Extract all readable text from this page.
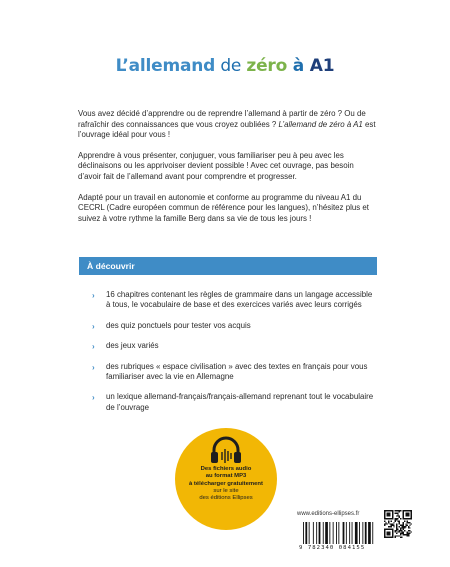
L’allemand de zéro à A1

Vous avez décidé d’apprendre ou de reprendre l’allemand à partir de zéro ? Ou de rafraîchir des connaissances que vous croyez oubliées ? L’allemand de zéro à A1 est l’ouvrage idéal pour vous !

Apprendre à vous présenter, conjuguer, vous familiariser peu à peu avec les déclinaisons ou les apprivoiser devient possible ! Avec cet ouvrage, pas besoin d’avoir fait de l’allemand avant pour comprendre et progresser.

Adapté pour un travail en autonomie et conforme au programme du niveau A1 du CECRL (Cadre européen commun de référence pour les langues), n’hésitez plus et suivez à votre rythme la famille Berg dans sa vie de tous les jours !

À découvrir
› 16 chapitres contenant les règles de grammaire dans un langage accessible à tous, le vocabulaire de base et des exercices variés avec leurs corrigés
› des quiz ponctuels pour tester vos acquis
› des jeux variés
› des rubriques « espace civilisation » avec des textes en français pour vous familiariser avec la vie en Allemagne
› un lexique allemand-français/français-allemand reprenant tout le vocabulaire de l’ouvrage
Des fichiers audio
au format MP3
à télécharger gratuitement
sur le site
des éditions Ellipses
www.editions-ellipses.fr
9 782340 084155
